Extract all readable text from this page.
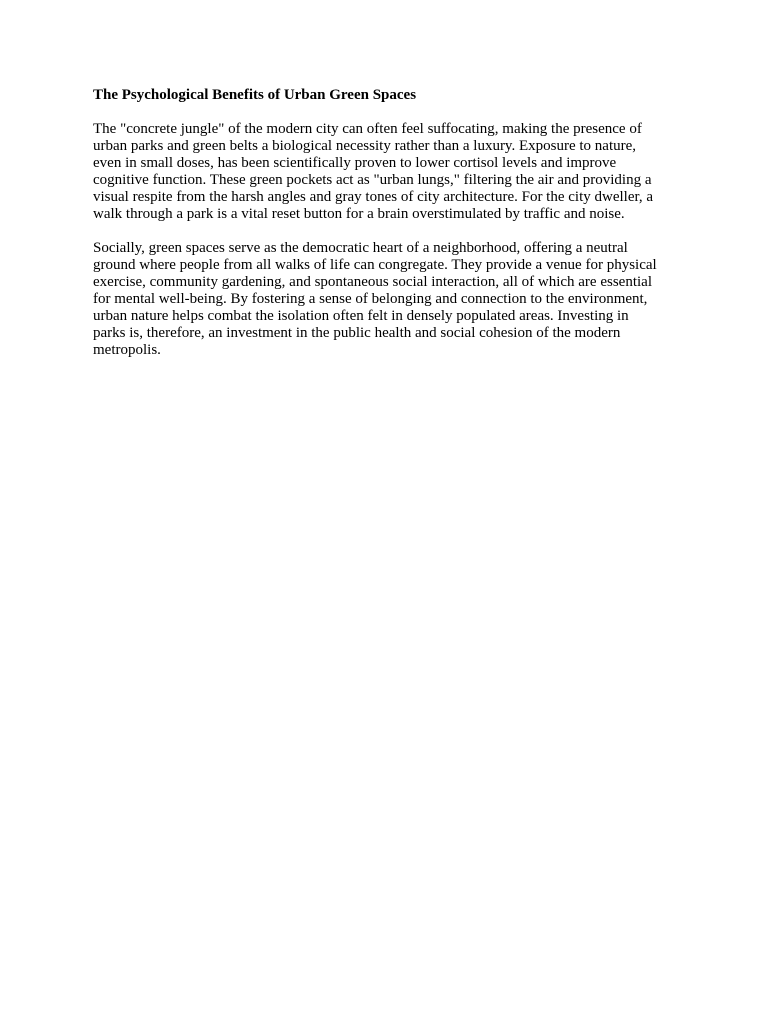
The Psychological Benefits of Urban Green Spaces
The "concrete jungle" of the modern city can often feel suffocating, making the presence of
urban parks and green belts a biological necessity rather than a luxury. Exposure to nature,
even in small doses, has been scientifically proven to lower cortisol levels and improve
cognitive function. These green pockets act as "urban lungs," filtering the air and providing a
visual respite from the harsh angles and gray tones of city architecture. For the city dweller, a
walk through a park is a vital reset button for a brain overstimulated by traffic and noise.
Socially, green spaces serve as the democratic heart of a neighborhood, offering a neutral
ground where people from all walks of life can congregate. They provide a venue for physical
exercise, community gardening, and spontaneous social interaction, all of which are essential
for mental well-being. By fostering a sense of belonging and connection to the environment,
urban nature helps combat the isolation often felt in densely populated areas. Investing in
parks is, therefore, an investment in the public health and social cohesion of the modern
metropolis.
